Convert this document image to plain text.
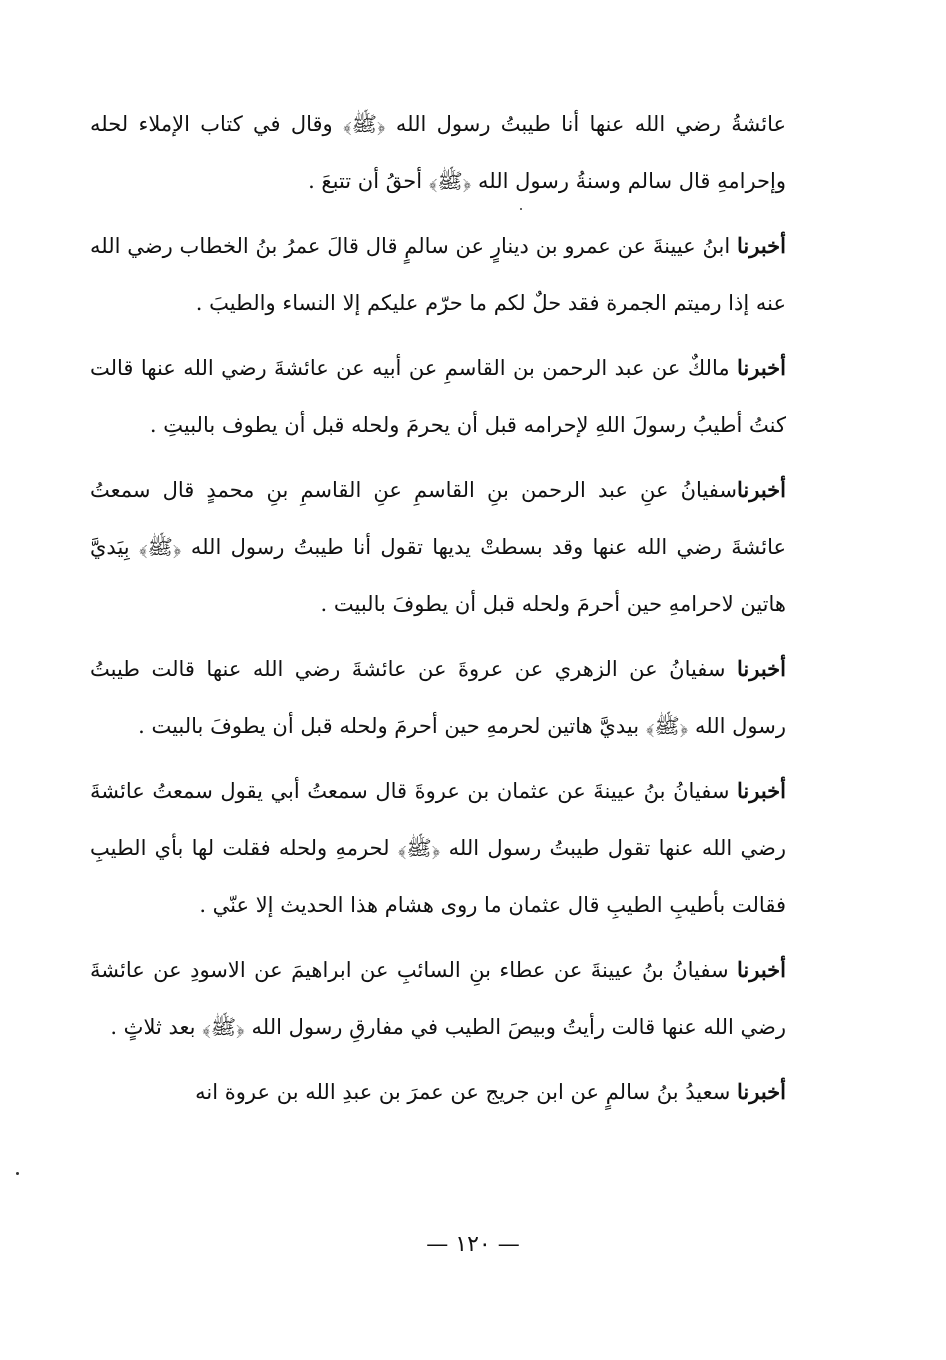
عائشةُ رضي الله عنها أنا طيبتُ رسول الله ﴿ﷺ﴾ وقال في كتاب الإملاء لحله وإحرامهِ قال سالم وسنةُ رسول الله ﴿ﷺ﴾ أحقُ أن تتبعَ .

أخبرنا ابنُ عيينةَ عن عمرو بن دينارٍ عن سالمٍ قال قالَ عمرُ بنُ الخطاب رضي الله عنه إذا رميتم الجمرة فقد حلٌ لكم ما حرّم عليكم إلا النساء والطيبَ .

أخبرنا مالكٌ عن عبد الرحمن بن القاسمِ عن أبيه عن عائشةَ رضي الله عنها قالت كنتُ أطيبُ رسولَ اللهِ لإحرامه قبل أن يحرمَ ولحله قبل أن يطوف بالبيتِ .

أخبرناسفيانُ عنِ عبد الرحمن بنِ القاسمِ عنِ القاسمِ بنِ محمدٍ قال سمعتُ عائشةَ رضي الله عنها وقد بسطتْ يديها تقول أنا طيبتُ رسول الله ﴿ﷺ﴾ بِيَديَّ هاتين لاحرامهِ حين أحرمَ ولحله قبل أن يطوفَ بالبيت .

أخبرنا سفيانُ عن الزهري عن عروةَ عن عائشةَ رضي الله عنها قالت طيبتُ رسول الله ﴿ﷺ﴾ بيديَّ هاتين لحرمهِ حين أحرمَ ولحله قبل أن يطوفَ بالبيت .

أخبرنا سفيانُ بنُ عيينةَ عن عثمان بن عروةَ قال سمعتُ أبي يقول سمعتُ عائشةَ رضي الله عنها تقول طيبتُ رسول الله ﴿ﷺ﴾ لحرمهِ ولحله فقلت لها بأي الطيبِ فقالت بأطيبِ الطيبِ قال عثمان ما روى هشام هذا الحديث إلا عنّي .

أخبرنا سفيانُ بنُ عيينةَ عن عطاء بنِ السائبِ عن ابراهيمَ عن الاسودِ عن عائشةَ رضي الله عنها قالت رأيتُ وبيصَ الطيب في مفارقِ رسول الله ﴿ﷺ﴾ بعد ثلاثٍ .

أخبرنا سعيدُ بنُ سالمٍ عن ابن جريج عن عمرَ بن عبدِ الله بن عروة انه

— ١٢٠ —
